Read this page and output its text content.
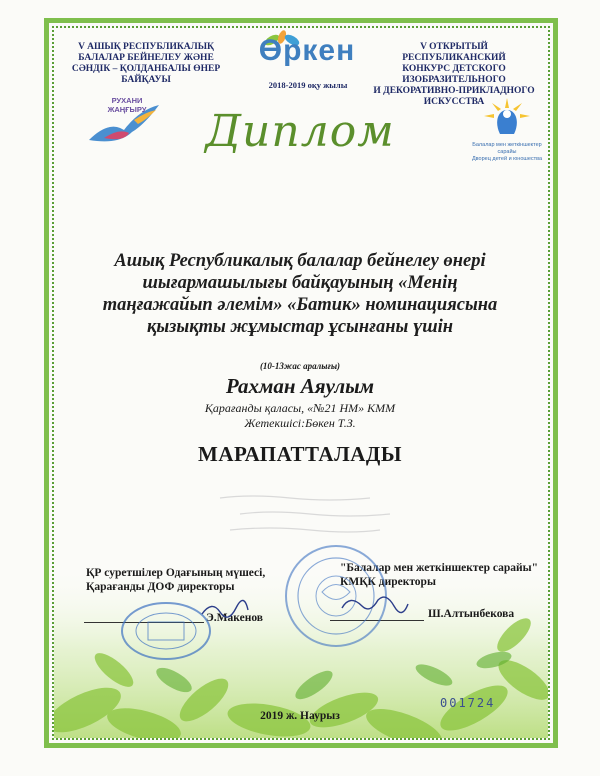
V АШЫҚ РЕСПУБЛИКАЛЫҚ
БАЛАЛАР БЕЙНЕЛЕУ ЖӘНЕ
СӘНДІК – ҚОЛДАНБАЛЫ ӨНЕР
БАЙҚАУЫ
Өркен
2018-2019 оқу жылы
V ОТКРЫТЫЙ РЕСПУБЛИКАНСКИЙ
КОНКУРС ДЕТСКОГО
ИЗОБРАЗИТЕЛЬНОГО
И ДЕКОРАТИВНО-ПРИКЛАДНОГО
ИСКУССТВА
РУХАНИ
ЖАҢҒЫРУ
Балалар мен жеткіншектер сарайы
Дворец детей и юношества
Диплом
Ашық Республикалық балалар бейнелеу өнері шығармашылығы байқауының «Менің таңғажайып әлемім» «Батик» номинациясына қызықты жұмыстар ұсынғаны үшін
(10-13жас аралығы)
Рахман Аяулым
Қарағанды қаласы, «№21 НМ» КММ
Жетекшісі:Бөкен Т.З.
МАРАПАТТАЛАДЫ
ҚР суретшілер Одағының мүшесі,
Қарағанды ДОФ директоры
Э.Макенов
"Балалар мен жеткіншектер сарайы"
КМҚК директоры
Ш.Алтынбекова
2019 ж. Наурыз
001724
